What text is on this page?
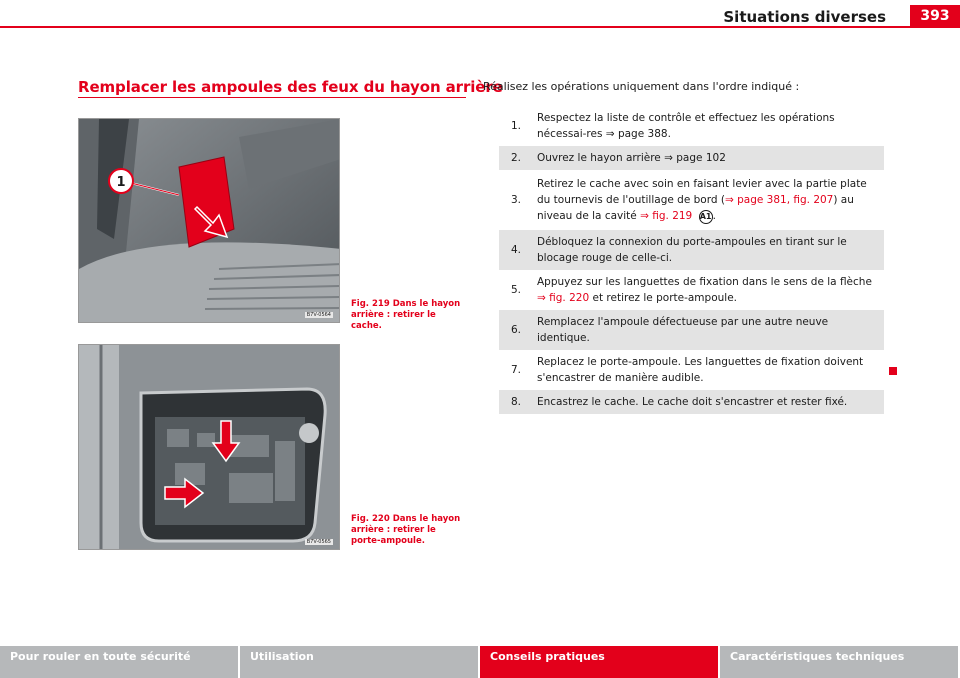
Situations diverses	393
Remplacer les ampoules des feux du hayon arrière
1
B7V-0564
Fig. 219 Dans le hayon arrière : retirer le cache.
B7V-0565
Fig. 220 Dans le hayon arrière : retirer le porte-ampoule.
Réalisez les opérations uniquement dans l'ordre indiqué :
1.
Respectez la liste de contrôle et effectuez les opérations nécessai-res ⇒ page 388.
2.	Ouvrez le hayon arrière ⇒ page 102
3.
Retirez le cache avec soin en faisant levier avec la partie plate du tournevis de l'outillage de bord (⇒ page 381, fig. 207) au niveau de la cavité ⇒ fig. 219 A1.
4.
Débloquez la connexion du porte-ampoules en tirant sur le blocage rouge de celle-ci.
5.
Appuyez sur les languettes de fixation dans le sens de la flèche
⇒ fig. 220 et retirez le porte-ampoule.
6.
Remplacez l'ampoule défectueuse par une autre neuve identique.
7.
Replacez le porte-ampoule. Les languettes de fixation doivent s'encastrer de manière audible.
8.	Encastrez le cache. Le cache doit s'encastrer et rester fixé.
Pour rouler en toute sécurité	Utilisation	Conseils pratiques	Caractéristiques techniques
